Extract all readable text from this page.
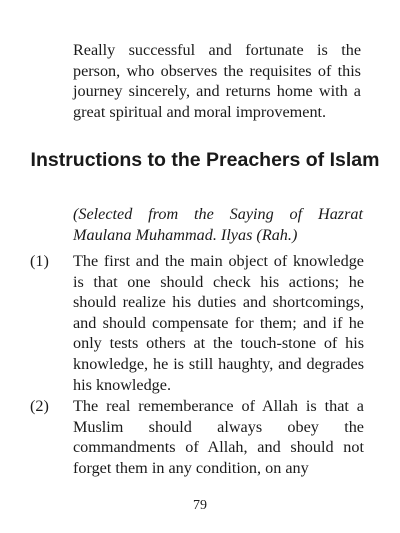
Really successful and fortunate is the person, who observes the requisites of this journey sincerely, and returns home with a great spiritual and moral improvement.

Instructions to the Preachers of Islam

(Selected from the Saying of Hazrat Maulana Muhammad. Ilyas (Rah.)

(1) The first and the main object of knowledge is that one should check his actions; he should realize his duties and shortcomings, and should compensate for them; and if he only tests others at the touch-stone of his knowledge, he is still haughty, and degrades his knowledge.
(2) The real rememberance of Allah is that a Muslim should always obey the commandments of Allah, and should not forget them in any condition, on any
79
